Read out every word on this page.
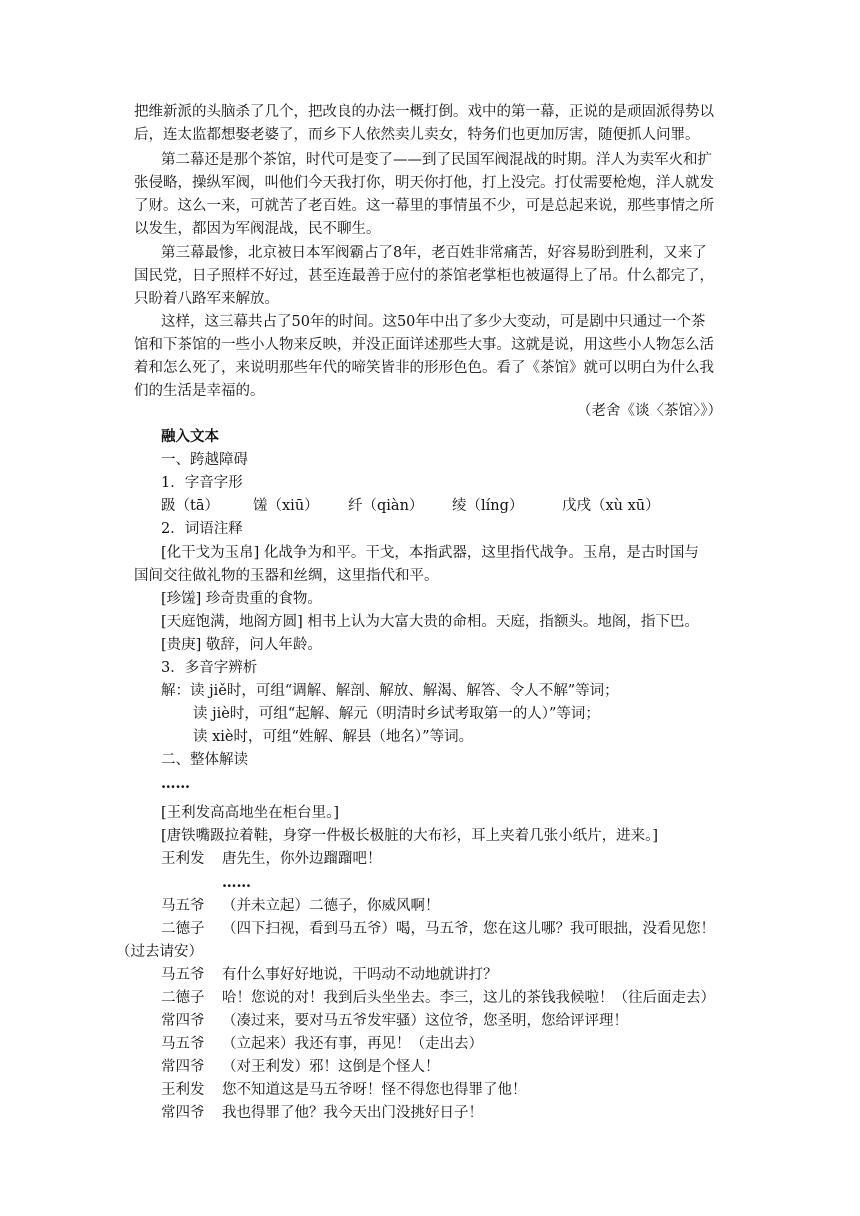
把维新派的头脑杀了几个，把改良的办法一概打倒。戏中的第一幕，正说的是顽固派得势以
后，连太监都想娶老婆了，而乡下人依然卖儿卖女，特务们也更加厉害，随便抓人问罪。
第二幕还是那个茶馆，时代可是变了——到了民国军阀混战的时期。洋人为卖军火和扩
张侵略，操纵军阀，叫他们今天我打你，明天你打他，打上没完。打仗需要枪炮，洋人就发
了财。这么一来，可就苦了老百姓。这一幕里的事情虽不少，可是总起来说，那些事情之所
以发生，都因为军阀混战，民不聊生。
第三幕最惨，北京被日本军阀霸占了8年，老百姓非常痛苦，好容易盼到胜利，又来了
国民党，日子照样不好过，甚至连最善于应付的茶馆老掌柜也被逼得上了吊。什么都完了，
只盼着八路军来解放。
这样，这三幕共占了50年的时间。这50年中出了多少大变动，可是剧中只通过一个茶
馆和下茶馆的一些小人物来反映，并没正面详述那些大事。这就是说，用这些小人物怎么活
着和怎么死了，来说明那些年代的啼笑皆非的形形色色。看了《茶馆》就可以明白为什么我
们的生活是幸福的。
（老舍《谈〈茶馆〉》）
融入文本
一、跨越障碍
1．字音字形
趿（tā） 馐（xiū） 纤（qiàn） 绫（líng）	戊戌（xù xū）
2．词语注释
[化干戈为玉帛] 化战争为和平。干戈，本指武器，这里指代战争。玉帛，是古时国与
国间交往做礼物的玉器和丝绸，这里指代和平。
[珍馐] 珍奇贵重的食物。
[天庭饱满，地阁方圆] 相书上认为大富大贵的命相。天庭，指额头。地阁，指下巴。
[贵庚] 敬辞，问人年龄。
3．多音字辨析
解：读 jiě时，可组“调解、解剖、解放、解渴、解答、令人不解”等词；
读 jiè时，可组“起解、解元（明清时乡试考取第一的人）”等词；
读 xiè时，可组“姓解、解县（地名）”等词。
二、整体解读
……
[王利发高高地坐在柜台里。]
[唐铁嘴趿拉着鞋，身穿一件极长极脏的大布衫，耳上夹着几张小纸片，进来。]
王利发 唐先生，你外边蹓蹓吧！
……
马五爷 （并未立起）二德子，你威风啊！
二德子 （四下扫视，看到马五爷）喝，马五爷，您在这儿哪？我可眼拙，没看见您！
（过去请安）
马五爷 有什么事好好地说，干吗动不动地就讲打？
二德子 哈！您说的对！我到后头坐坐去。李三，这儿的茶钱我候啦！（往后面走去）
常四爷 （凑过来，要对马五爷发牢骚）这位爷，您圣明，您给评评理！
马五爷 （立起来）我还有事，再见！（走出去）
常四爷 （对王利发）邪！这倒是个怪人！
王利发 您不知道这是马五爷呀！怪不得您也得罪了他！
常四爷 我也得罪了他？我今天出门没挑好日子！
